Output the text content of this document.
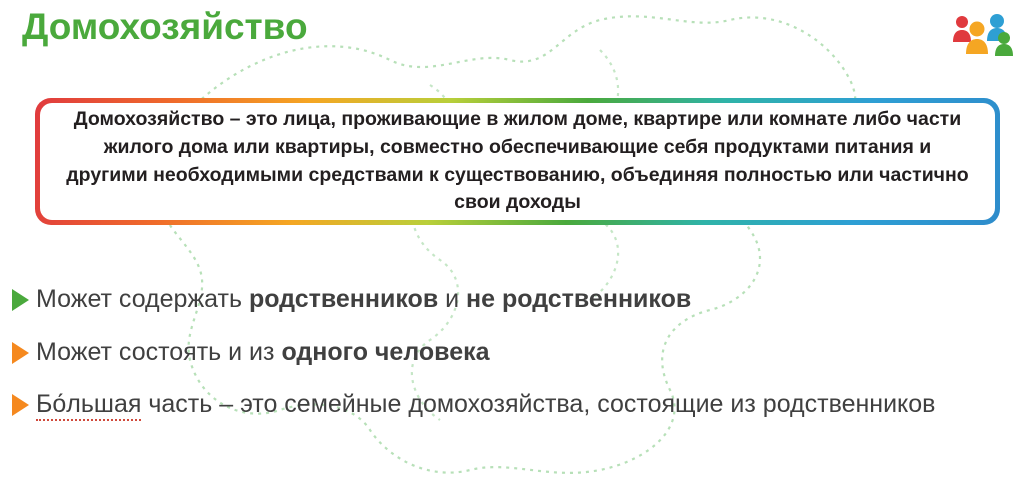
Домохозяйство

Домохозяйство – это лица, проживающие в жилом доме, квартире или комнате либо части жилого дома или квартиры, совместно обеспечивающие себя продуктами питания и другими необходимыми средствами к существованию, объединяя полностью или частично свои доходы

Может содержать родственников и не родственников
Может состоять и из одного человека
Бо́льшая часть – это семейные домохозяйства, состоящие из родственников
